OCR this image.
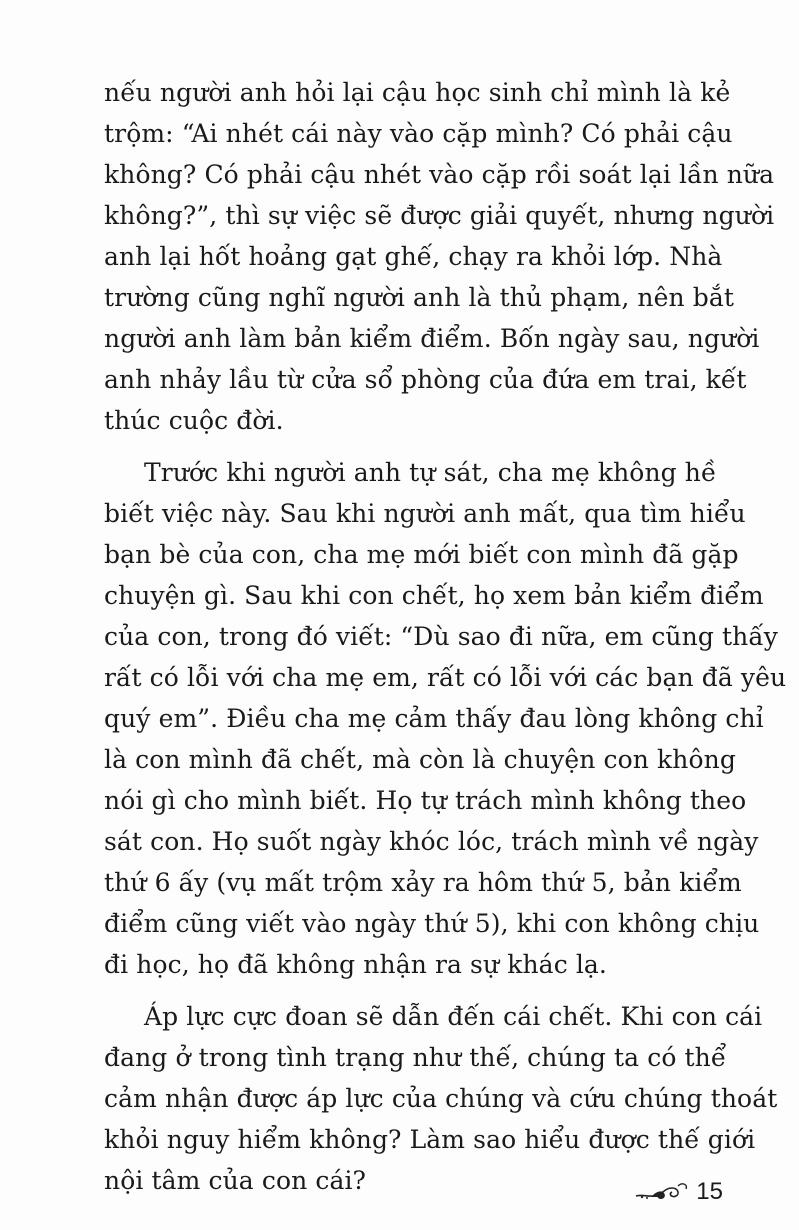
nếu người anh hỏi lại cậu học sinh chỉ mình là kẻ
trộm: “Ai nhét cái này vào cặp mình? Có phải cậu
không? Có phải cậu nhét vào cặp rồi soát lại lần nữa
không?”, thì sự việc sẽ được giải quyết, nhưng người
anh lại hốt hoảng gạt ghế, chạy ra khỏi lớp. Nhà
trường cũng nghĩ người anh là thủ phạm, nên bắt
người anh làm bản kiểm điểm. Bốn ngày sau, người
anh nhảy lầu từ cửa sổ phòng của đứa em trai, kết
thúc cuộc đời.
Trước khi người anh tự sát, cha mẹ không hề
biết việc này. Sau khi người anh mất, qua tìm hiểu
bạn bè của con, cha mẹ mới biết con mình đã gặp
chuyện gì. Sau khi con chết, họ xem bản kiểm điểm
của con, trong đó viết: “Dù sao đi nữa, em cũng thấy
rất có lỗi với cha mẹ em, rất có lỗi với các bạn đã yêu
quý em”. Điều cha mẹ cảm thấy đau lòng không chỉ
là con mình đã chết, mà còn là chuyện con không
nói gì cho mình biết. Họ tự trách mình không theo
sát con. Họ suốt ngày khóc lóc, trách mình về ngày
thứ 6 ấy (vụ mất trộm xảy ra hôm thứ 5, bản kiểm
điểm cũng viết vào ngày thứ 5), khi con không chịu
đi học, họ đã không nhận ra sự khác lạ.
Áp lực cực đoan sẽ dẫn đến cái chết. Khi con cái
đang ở trong tình trạng như thế, chúng ta có thể
cảm nhận được áp lực của chúng và cứu chúng thoát
khỏi nguy hiểm không? Làm sao hiểu được thế giới
nội tâm của con cái?	15
